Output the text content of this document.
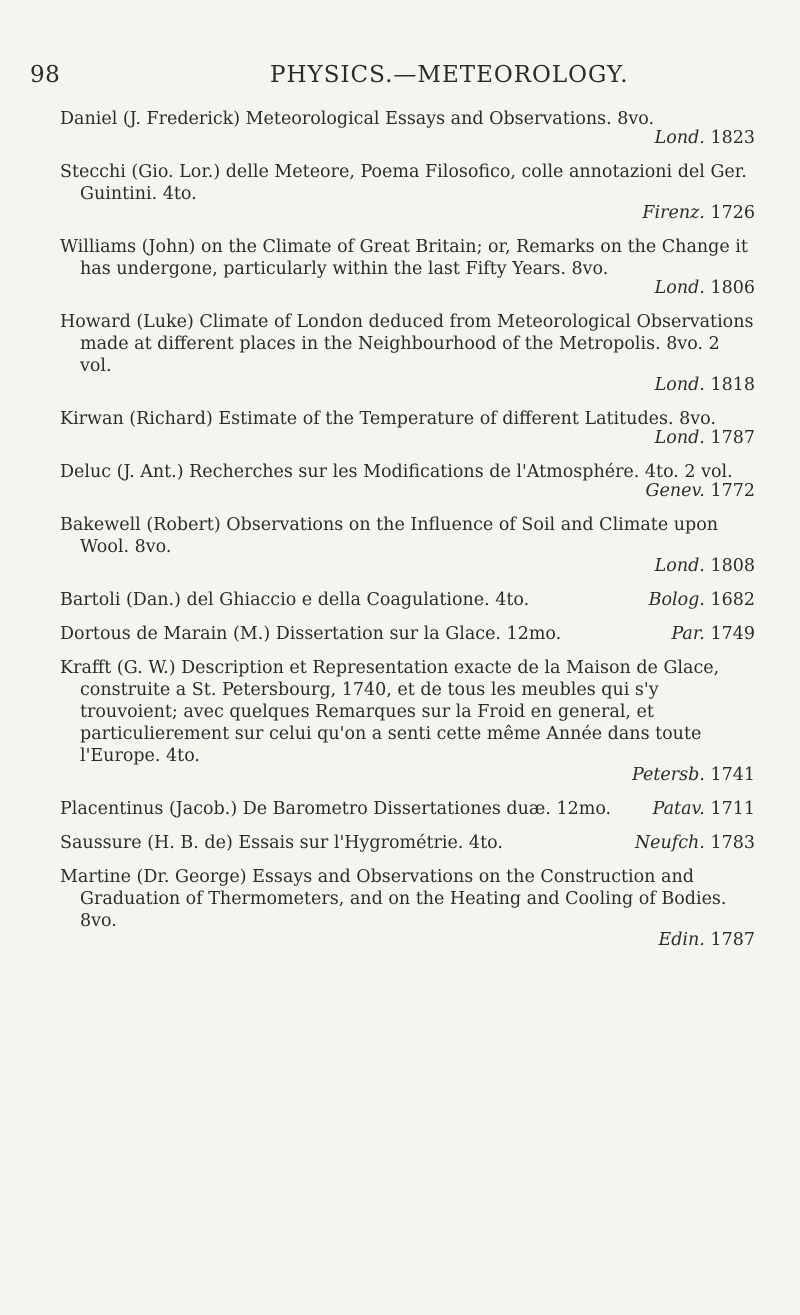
98	PHYSICS.—METEOROLOGY.
Daniel (J. Frederick) Meteorological Essays and Observations. 8vo.
Lond. 1823
Stecchi (Gio. Lor.) delle Meteore, Poema Filosofico, colle annotazioni del Ger. Guintini. 4to.
Firenz. 1726
Williams (John) on the Climate of Great Britain; or, Remarks on the Change it has undergone, particularly within the last Fifty Years. 8vo.
Lond. 1806
Howard (Luke) Climate of London deduced from Meteorological Observations made at different places in the Neighbourhood of the Metropolis. 8vo. 2 vol.
Lond. 1818
Kirwan (Richard) Estimate of the Temperature of different Latitudes. 8vo.
Lond. 1787
Deluc (J. Ant.) Recherches sur les Modifications de l'Atmosphére. 4to. 2 vol.
Genev. 1772
Bakewell (Robert) Observations on the Influence of Soil and Climate upon Wool. 8vo.
Lond. 1808
Bartoli (Dan.) del Ghiaccio e della Coagulatione. 4to.	Bolog. 1682
Dortous de Marain (M.) Dissertation sur la Glace. 12mo.	Par. 1749
Krafft (G. W.) Description et Representation exacte de la Maison de Glace, construite a St. Petersbourg, 1740, et de tous les meubles qui s'y trouvoient; avec quelques Remarques sur la Froid en general, et particulierement sur celui qu'on a senti cette même Année dans toute l'Europe. 4to.
Petersb. 1741
Placentinus (Jacob.) De Barometro Dissertationes duæ. 12mo. Patav. 1711
Saussure (H. B. de) Essais sur l'Hygrométrie. 4to.	Neufch. 1783
Martine (Dr. George) Essays and Observations on the Construction and Graduation of Thermometers, and on the Heating and Cooling of Bodies. 8vo.
Edin. 1787
